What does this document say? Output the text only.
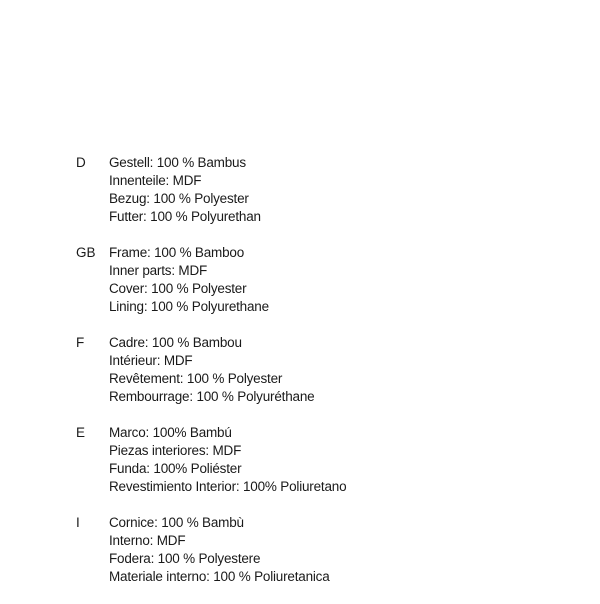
D	Gestell: 100 % Bambus
Innenteile: MDF
Bezug: 100 % Polyester
Futter: 100 % Polyurethan
GB Frame: 100 % Bamboo
Inner parts: MDF
Cover: 100 % Polyester
Lining: 100 % Polyurethane
F	Cadre: 100 % Bambou
Intérieur: MDF
Revêtement: 100 % Polyester
Rembourrage: 100 % Polyuréthane
E	Marco: 100% Bambú
Piezas interiores: MDF
Funda: 100% Poliéster
Revestimiento Interior: 100% Poliuretano
I	Cornice: 100 % Bambù
Interno: MDF
Fodera: 100 % Polyestere
Materiale interno: 100 % Poliuretanica
